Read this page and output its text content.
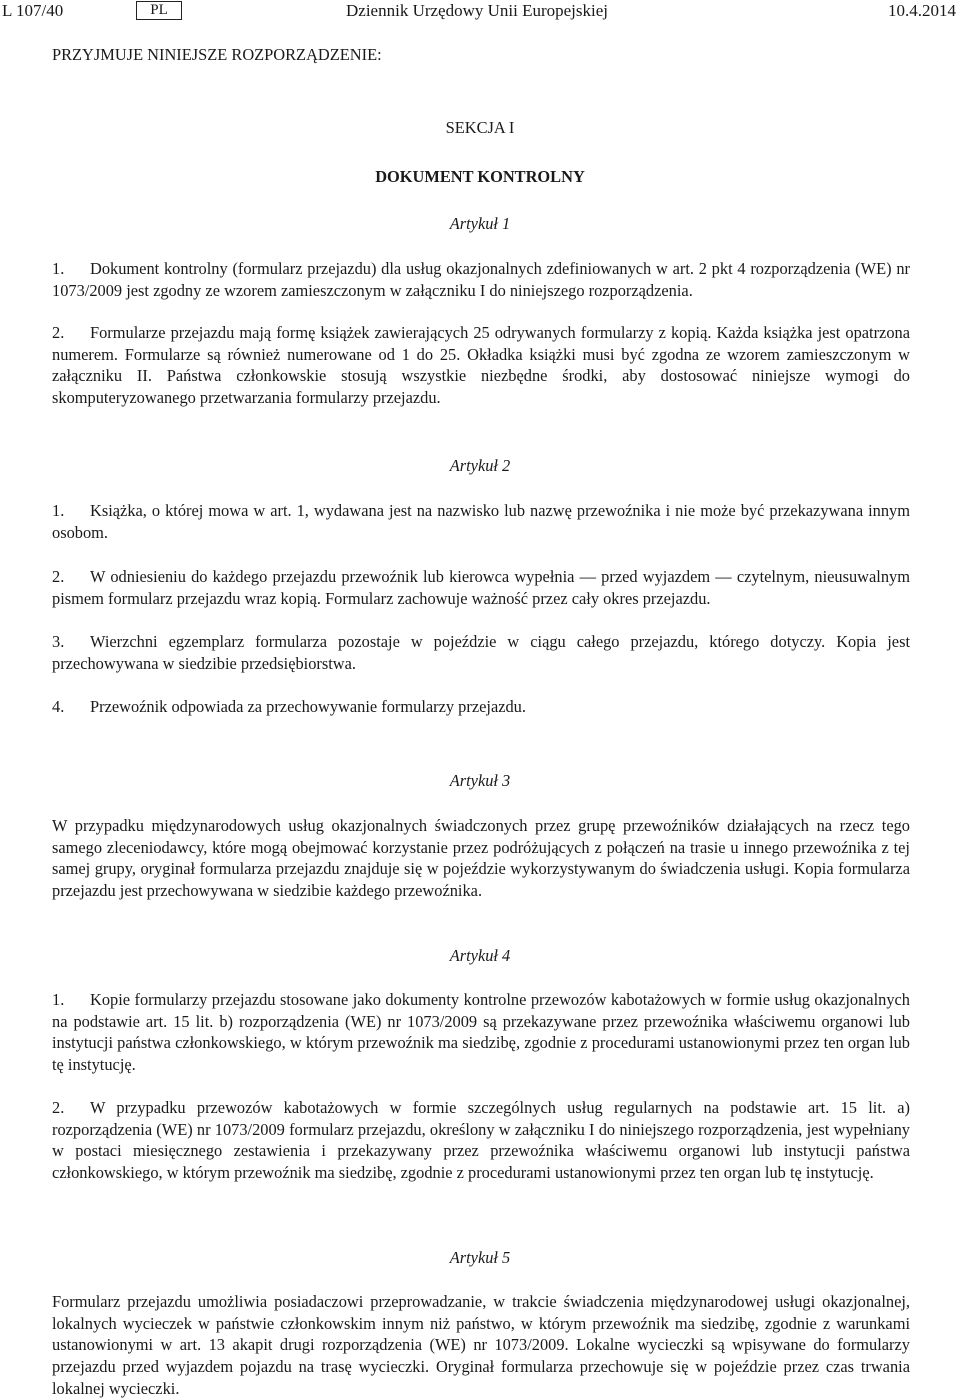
L 107/40	PL	Dziennik Urzędowy Unii Europejskiej	10.4.2014
PRZYJMUJE NINIEJSZE ROZPORZĄDZENIE:
SEKCJA I
DOKUMENT KONTROLNY
Artykuł 1
1. Dokument kontrolny (formularz przejazdu) dla usług okazjonalnych zdefiniowanych w art. 2 pkt 4 rozporządzenia (WE) nr 1073/2009 jest zgodny ze wzorem zamieszczonym w załączniku I do niniejszego rozporządzenia.
2. Formularze przejazdu mają formę książek zawierających 25 odrywanych formularzy z kopią. Każda książka jest opatrzona numerem. Formularze są również numerowane od 1 do 25. Okładka książki musi być zgodna ze wzorem zamieszczonym w załączniku II. Państwa członkowskie stosują wszystkie niezbędne środki, aby dostosować niniejsze wymogi do skomputeryzowanego przetwarzania formularzy przejazdu.
Artykuł 2
1. Książka, o której mowa w art. 1, wydawana jest na nazwisko lub nazwę przewoźnika i nie może być przekazywana innym osobom.
2. W odniesieniu do każdego przejazdu przewoźnik lub kierowca wypełnia — przed wyjazdem — czytelnym, nieusuwalnym pismem formularz przejazdu wraz kopią. Formularz zachowuje ważność przez cały okres przejazdu.
3. Wierzchni egzemplarz formularza pozostaje w pojeździe w ciągu całego przejazdu, którego dotyczy. Kopia jest przechowywana w siedzibie przedsiębiorstwa.
4. Przewoźnik odpowiada za przechowywanie formularzy przejazdu.
Artykuł 3
W przypadku międzynarodowych usług okazjonalnych świadczonych przez grupę przewoźników działających na rzecz tego samego zleceniodawcy, które mogą obejmować korzystanie przez podróżujących z połączeń na trasie u innego przewoźnika z tej samej grupy, oryginał formularza przejazdu znajduje się w pojeździe wykorzystywanym do świadczenia usługi. Kopia formularza przejazdu jest przechowywana w siedzibie każdego przewoźnika.
Artykuł 4
1. Kopie formularzy przejazdu stosowane jako dokumenty kontrolne przewozów kabotażowych w formie usług okazjonalnych na podstawie art. 15 lit. b) rozporządzenia (WE) nr 1073/2009 są przekazywane przez przewoźnika właściwemu organowi lub instytucji państwa członkowskiego, w którym przewoźnik ma siedzibę, zgodnie z procedurami ustanowionymi przez ten organ lub tę instytucję.
2. W przypadku przewozów kabotażowych w formie szczególnych usług regularnych na podstawie art. 15 lit. a) rozporządzenia (WE) nr 1073/2009 formularz przejazdu, określony w załączniku I do niniejszego rozporządzenia, jest wypełniany w postaci miesięcznego zestawienia i przekazywany przez przewoźnika właściwemu organowi lub instytucji państwa członkowskiego, w którym przewoźnik ma siedzibę, zgodnie z procedurami ustanowionymi przez ten organ lub tę instytucję.
Artykuł 5
Formularz przejazdu umożliwia posiadaczowi przeprowadzanie, w trakcie świadczenia międzynarodowej usługi okazjonalnej, lokalnych wycieczek w państwie członkowskim innym niż państwo, w którym przewoźnik ma siedzibę, zgodnie z warunkami ustanowionymi w art. 13 akapit drugi rozporządzenia (WE) nr 1073/2009. Lokalne wycieczki są wpisywane do formularzy przejazdu przed wyjazdem pojazdu na trasę wycieczki. Oryginał formularza przechowuje się w pojeździe przez czas trwania lokalnej wycieczki.
